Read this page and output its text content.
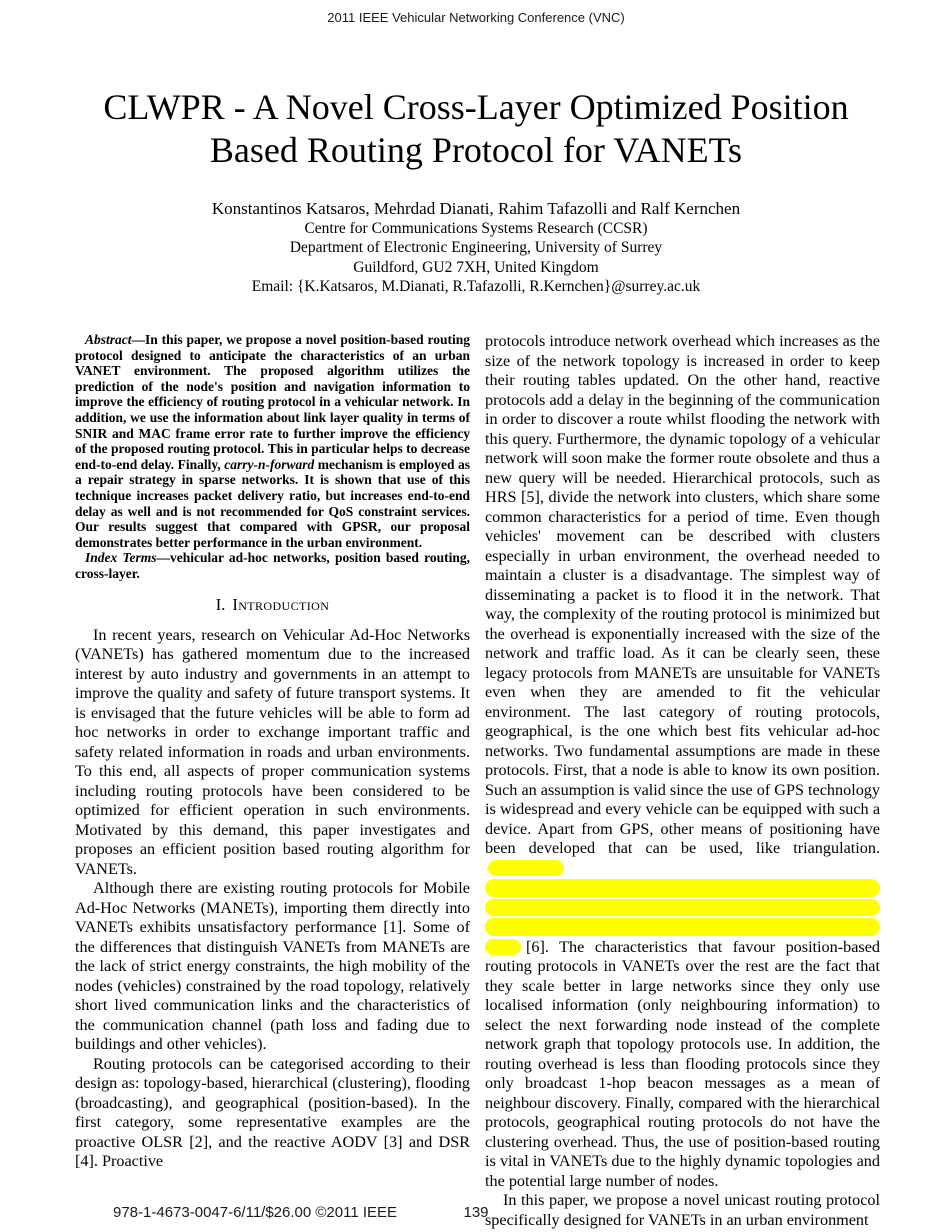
2011 IEEE Vehicular Networking Conference (VNC)
CLWPR - A Novel Cross-Layer Optimized Position Based Routing Protocol for VANETs
Konstantinos Katsaros, Mehrdad Dianati, Rahim Tafazolli and Ralf Kernchen
Centre for Communications Systems Research (CCSR)
Department of Electronic Engineering, University of Surrey
Guildford, GU2 7XH, United Kingdom
Email: {K.Katsaros, M.Dianati, R.Tafazolli, R.Kernchen}@surrey.ac.uk

Abstract—In this paper, we propose a novel position-based routing protocol designed to anticipate the characteristics of an urban VANET environment. The proposed algorithm utilizes the prediction of the node's position and navigation information to improve the efficiency of routing protocol in a vehicular network. In addition, we use the information about link layer quality in terms of SNIR and MAC frame error rate to further improve the efficiency of the proposed routing protocol. This in particular helps to decrease end-to-end delay. Finally, carry-n-forward mechanism is employed as a repair strategy in sparse networks. It is shown that use of this technique increases packet delivery ratio, but increases end-to-end delay as well and is not recommended for QoS constraint services. Our results suggest that compared with GPSR, our proposal demonstrates better performance in the urban environment.

Index Terms—vehicular ad-hoc networks, position based routing, cross-layer.

I. Introduction

In recent years, research on Vehicular Ad-Hoc Networks (VANETs) has gathered momentum due to the increased interest by auto industry and governments in an attempt to improve the quality and safety of future transport systems. It is envisaged that the future vehicles will be able to form ad hoc networks in order to exchange important traffic and safety related information in roads and urban environments. To this end, all aspects of proper communication systems including routing protocols have been considered to be optimized for efficient operation in such environments. Motivated by this demand, this paper investigates and proposes an efficient position based routing algorithm for VANETs.

Although there are existing routing protocols for Mobile Ad-Hoc Networks (MANETs), importing them directly into VANETs exhibits unsatisfactory performance [1]. Some of the differences that distinguish VANETs from MANETs are the lack of strict energy constraints, the high mobility of the nodes (vehicles) constrained by the road topology, relatively short lived communication links and the characteristics of the communication channel (path loss and fading due to buildings and other vehicles).

Routing protocols can be categorised according to their design as: topology-based, hierarchical (clustering), flooding (broadcasting), and geographical (position-based). In the first category, some representative examples are the proactive OLSR [2], and the reactive AODV [3] and DSR [4]. Proactive

protocols introduce network overhead which increases as the size of the network topology is increased in order to keep their routing tables updated. On the other hand, reactive protocols add a delay in the beginning of the communication in order to discover a route whilst flooding the network with this query. Furthermore, the dynamic topology of a vehicular network will soon make the former route obsolete and thus a new query will be needed. Hierarchical protocols, such as HRS [5], divide the network into clusters, which share some common characteristics for a period of time. Even though vehicles' movement can be described with clusters especially in urban environment, the overhead needed to maintain a cluster is a disadvantage. The simplest way of disseminating a packet is to flood it in the network. That way, the complexity of the routing protocol is minimized but the overhead is exponentially increased with the size of the network and traffic load. As it can be clearly seen, these legacy protocols from MANETs are unsuitable for VANETs even when they are amended to fit the vehicular environment. The last category of routing protocols, geographical, is the one which best fits vehicular ad-hoc networks. Two fundamental assumptions are made in these protocols. First, that a node is able to know its own position. Such an assumption is valid since the use of GPS technology is widespread and every vehicle can be equipped with such a device. Apart from GPS, other means of positioning have been developed that can be used, like triangulation.

[6]. The characteristics that favour position-based routing protocols in VANETs over the rest are the fact that they scale better in large networks since they only use localised information (only neighbouring information) to select the next forwarding node instead of the complete network graph that topology protocols use. In addition, the routing overhead is less than flooding protocols since they only broadcast 1-hop beacon messages as a mean of neighbour discovery. Finally, compared with the hierarchical protocols, geographical routing protocols do not have the clustering overhead. Thus, the use of position-based routing is vital in VANETs due to the highly dynamic topologies and the potential large number of nodes.

In this paper, we propose a novel unicast routing protocol specifically designed for VANETs in an urban environment

978-1-4673-0047-6/11/$26.00 ©2011 IEEE	139
